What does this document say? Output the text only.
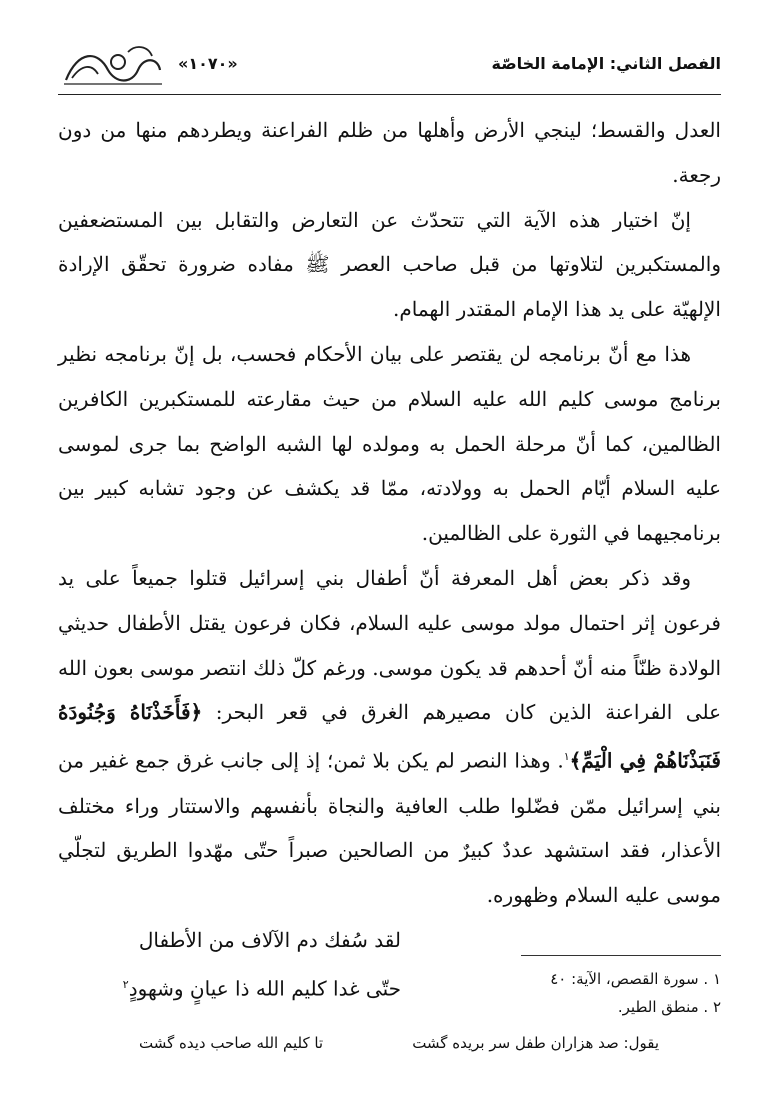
الفصل الثاني: الإمامة الخاصّة
«١٠٧٠»

العدل والقسط؛ لينجي الأرض وأهلها من ظلم الفراعنة ويطردهم منها من دون رجعة.

إنّ اختيار هذه الآية التي تتحدّث عن التعارض والتقابل بين المستضعفين والمستكبرين لتلاوتها من قبل صاحب العصر ﷺ مفاده ضرورة تحقّق الإرادة الإلهيّة على يد هذا الإمام المقتدر الهمام.

هذا مع أنّ برنامجه لن يقتصر على بيان الأحكام فحسب، بل إنّ برنامجه نظير برنامج موسى كليم الله عليه السلام من حيث مقارعته للمستكبرين الكافرين الظالمين، كما أنّ مرحلة الحمل به ومولده لها الشبه الواضح بما جرى لموسى عليه السلام أيّام الحمل به وولادته، ممّا قد يكشف عن وجود تشابه كبير بين برنامجيهما في الثورة على الظالمين.

وقد ذكر بعض أهل المعرفة أنّ أطفال بني إسرائيل قتلوا جميعاً على يد فرعون إثر احتمال مولد موسى عليه السلام، فكان فرعون يقتل الأطفال حديثي الولادة ظنّاً منه أنّ أحدهم قد يكون موسى. ورغم كلّ ذلك انتصر موسى بعون الله على الفراعنة الذين كان مصيرهم الغرق في قعر البحر: ﴿فَأَخَذْنَاهُ وَجُنُودَهُ فَنَبَذْنَاهُمْ فِي الْيَمِّ﴾$^١$. وهذا النصر لم يكن بلا ثمن؛ إذ إلى جانب غرق جمع غفير من بني إسرائيل ممّن فضّلوا طلب العافية والنجاة بأنفسهم والاستتار وراء مختلف الأعذار، فقد استشهد عددٌ كبيرٌ من الصالحين صبراً حتّى مهّدوا الطريق لتجلّي موسى عليه السلام وظهوره.

لقد سُفك دم الآلاف من الأطفال
حتّى غدا كليم الله ذا عيانٍ وشهودٍ$^٢$	١ . سورة القصص، الآية: ٤٠
٢ . منطق الطير.
يقول: صد هزاران طفل سر بريده گشت
تا كليم الله صاحب ديده گشت
